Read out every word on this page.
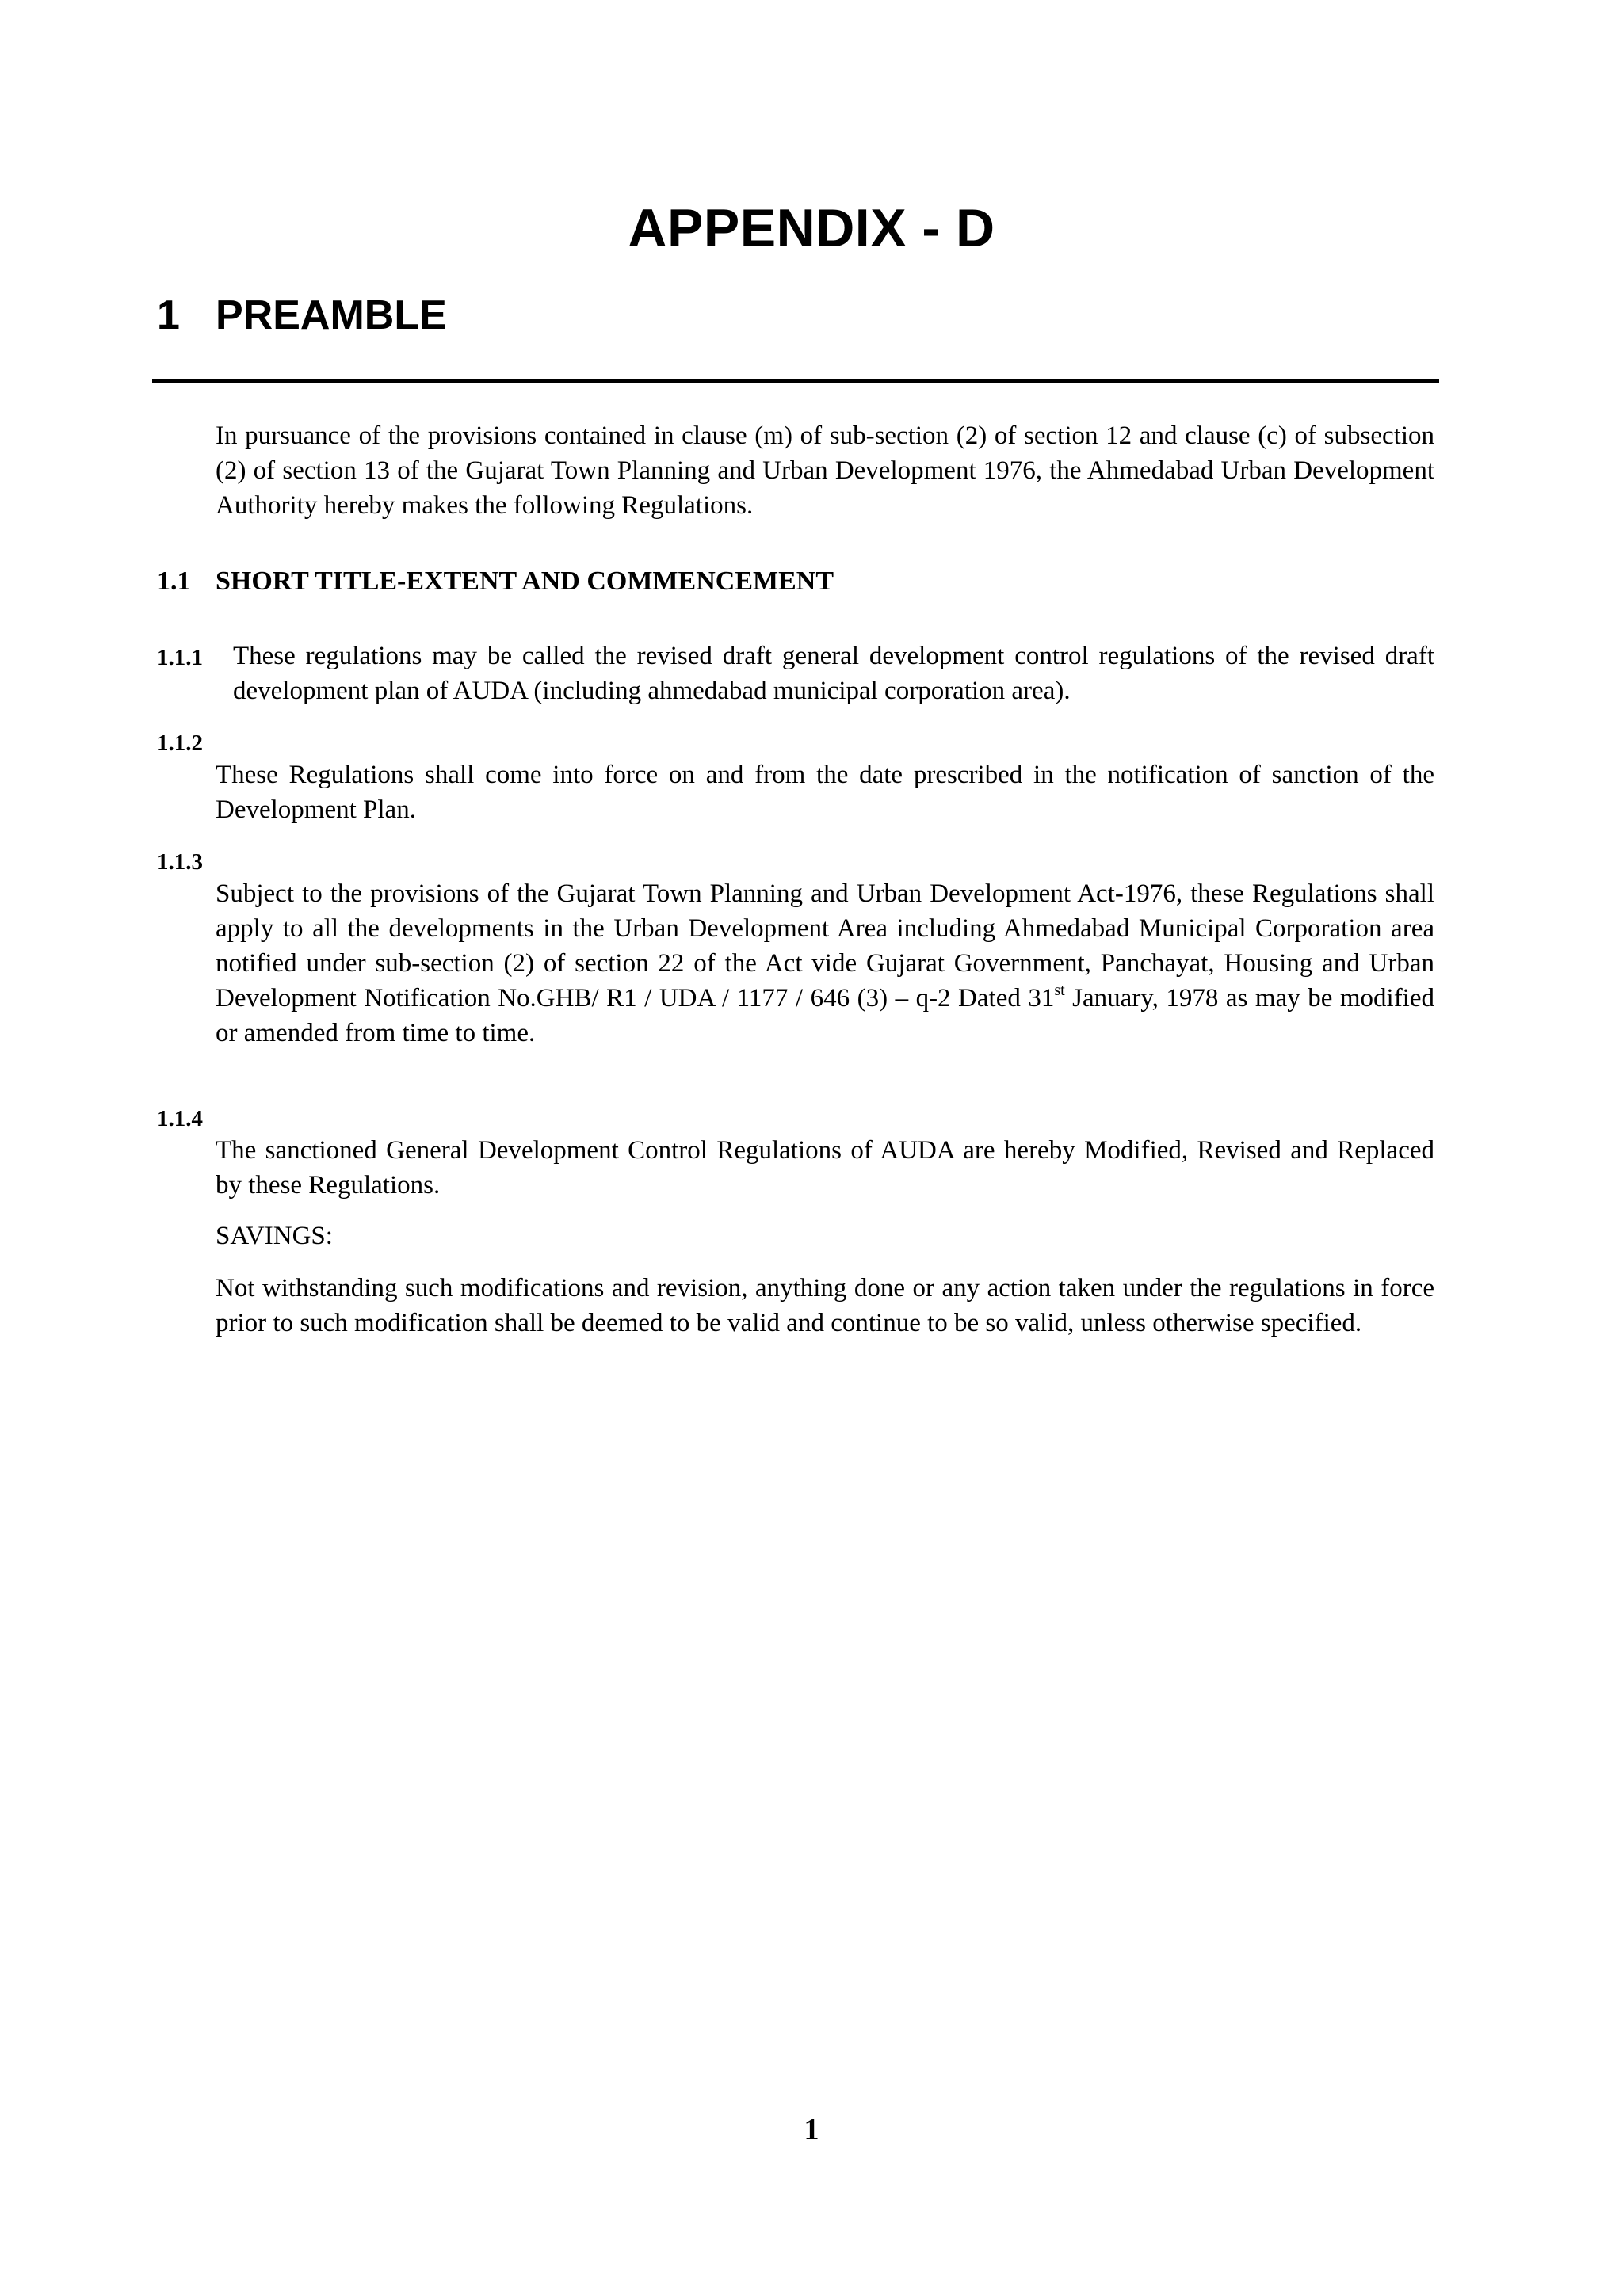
APPENDIX - D
1 PREAMBLE
In pursuance of the provisions contained in clause (m) of sub-section (2) of section 12 and clause (c) of subsection (2) of section 13 of the Gujarat Town Planning and Urban Development 1976, the Ahmedabad Urban Development Authority hereby makes the following Regulations.
1.1 SHORT TITLE-EXTENT AND COMMENCEMENT
1.1.1 These regulations may be called the revised draft general development control regulations of the revised draft development plan of AUDA (including ahmedabad municipal corporation area).
1.1.2
These Regulations shall come into force on and from the date prescribed in the notification of sanction of the Development Plan.
1.1.3
Subject to the provisions of the Gujarat Town Planning and Urban Development Act-1976, these Regulations shall apply to all the developments in the Urban Development Area including Ahmedabad Municipal Corporation area notified under sub-section (2) of section 22 of the Act vide Gujarat Government, Panchayat, Housing and Urban Development Notification No.GHB/ R1 / UDA / 1177 / 646 (3) – q-2 Dated 31st January, 1978 as may be modified or amended from time to time.
1.1.4
The sanctioned General Development Control Regulations of AUDA are hereby Modified, Revised and Replaced by these Regulations.
SAVINGS:
Not withstanding such modifications and revision, anything done or any action taken under the regulations in force prior to such modification shall be deemed to be valid and continue to be so valid, unless otherwise specified.
1
